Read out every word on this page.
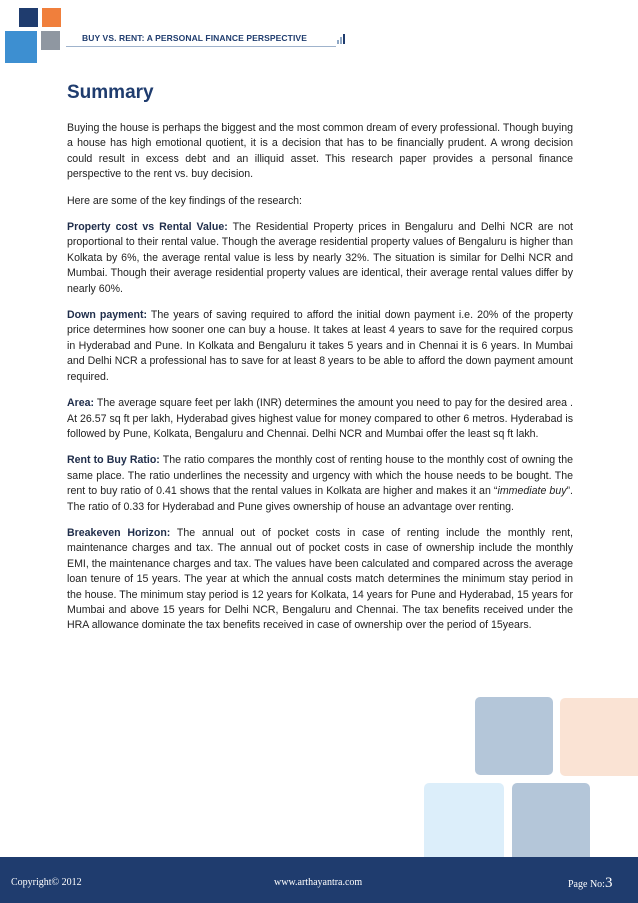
BUY VS. RENT: A PERSONAL FINANCE PERSPECTIVE
Summary

Buying the house is perhaps the biggest and the most common dream of every professional. Though buying a house has high emotional quotient, it is a decision that has to be financially prudent. A wrong decision could result in excess debt and an illiquid asset. This research paper provides a personal finance perspective to the rent vs. buy decision.

Here are some of the key findings of the research:

Property cost vs Rental Value: The Residential Property prices in Bengaluru and Delhi NCR are not proportional to their rental value. Though the average residential property values of Bengaluru is higher than Kolkata by 6%, the average rental value is less by nearly 32%. The situation is similar for Delhi NCR and Mumbai. Though their average residential property values are identical, their average rental values differ by nearly 60%.

Down payment: The years of saving required to afford the initial down payment i.e. 20% of the property price determines how sooner one can buy a house. It takes at least 4 years to save for the required corpus in Hyderabad and Pune. In Kolkata and Bengaluru it takes 5 years and in Chennai it is 6 years. In Mumbai and Delhi NCR a professional has to save for at least 8 years to be able to afford the down payment amount required.

Area: The average square feet per lakh (INR) determines the amount you need to pay for the desired area . At 26.57 sq ft per lakh, Hyderabad gives highest value for money compared to other 6 metros. Hyderabad is followed by Pune, Kolkata, Bengaluru and Chennai. Delhi NCR and Mumbai offer the least sq ft lakh.

Rent to Buy Ratio: The ratio compares the monthly cost of renting house to the monthly cost of owning the same place. The ratio underlines the necessity and urgency with which the house needs to be bought. The rent to buy ratio of 0.41 shows that the rental values in Kolkata are higher and makes it an “immediate buy”. The ratio of 0.33 for Hyderabad and Pune gives ownership of house an advantage over renting.

Breakeven Horizon: The annual out of pocket costs in case of renting include the monthly rent, maintenance charges and tax. The annual out of pocket costs in case of ownership include the monthly EMI, the maintenance charges and tax. The values have been calculated and compared across the average loan tenure of 15 years. The year at which the annual costs match determines the minimum stay period in the house. The minimum stay period is 12 years for Kolkata, 14 years for Pune and Hyderabad, 15 years for Mumbai and above 15 years for Delhi NCR, Bengaluru and Chennai. The tax benefits received under the HRA allowance dominate the tax benefits received in case of ownership over the period of 15years.

Copyright© 2012	www.arthayantra.com	Page No:3
